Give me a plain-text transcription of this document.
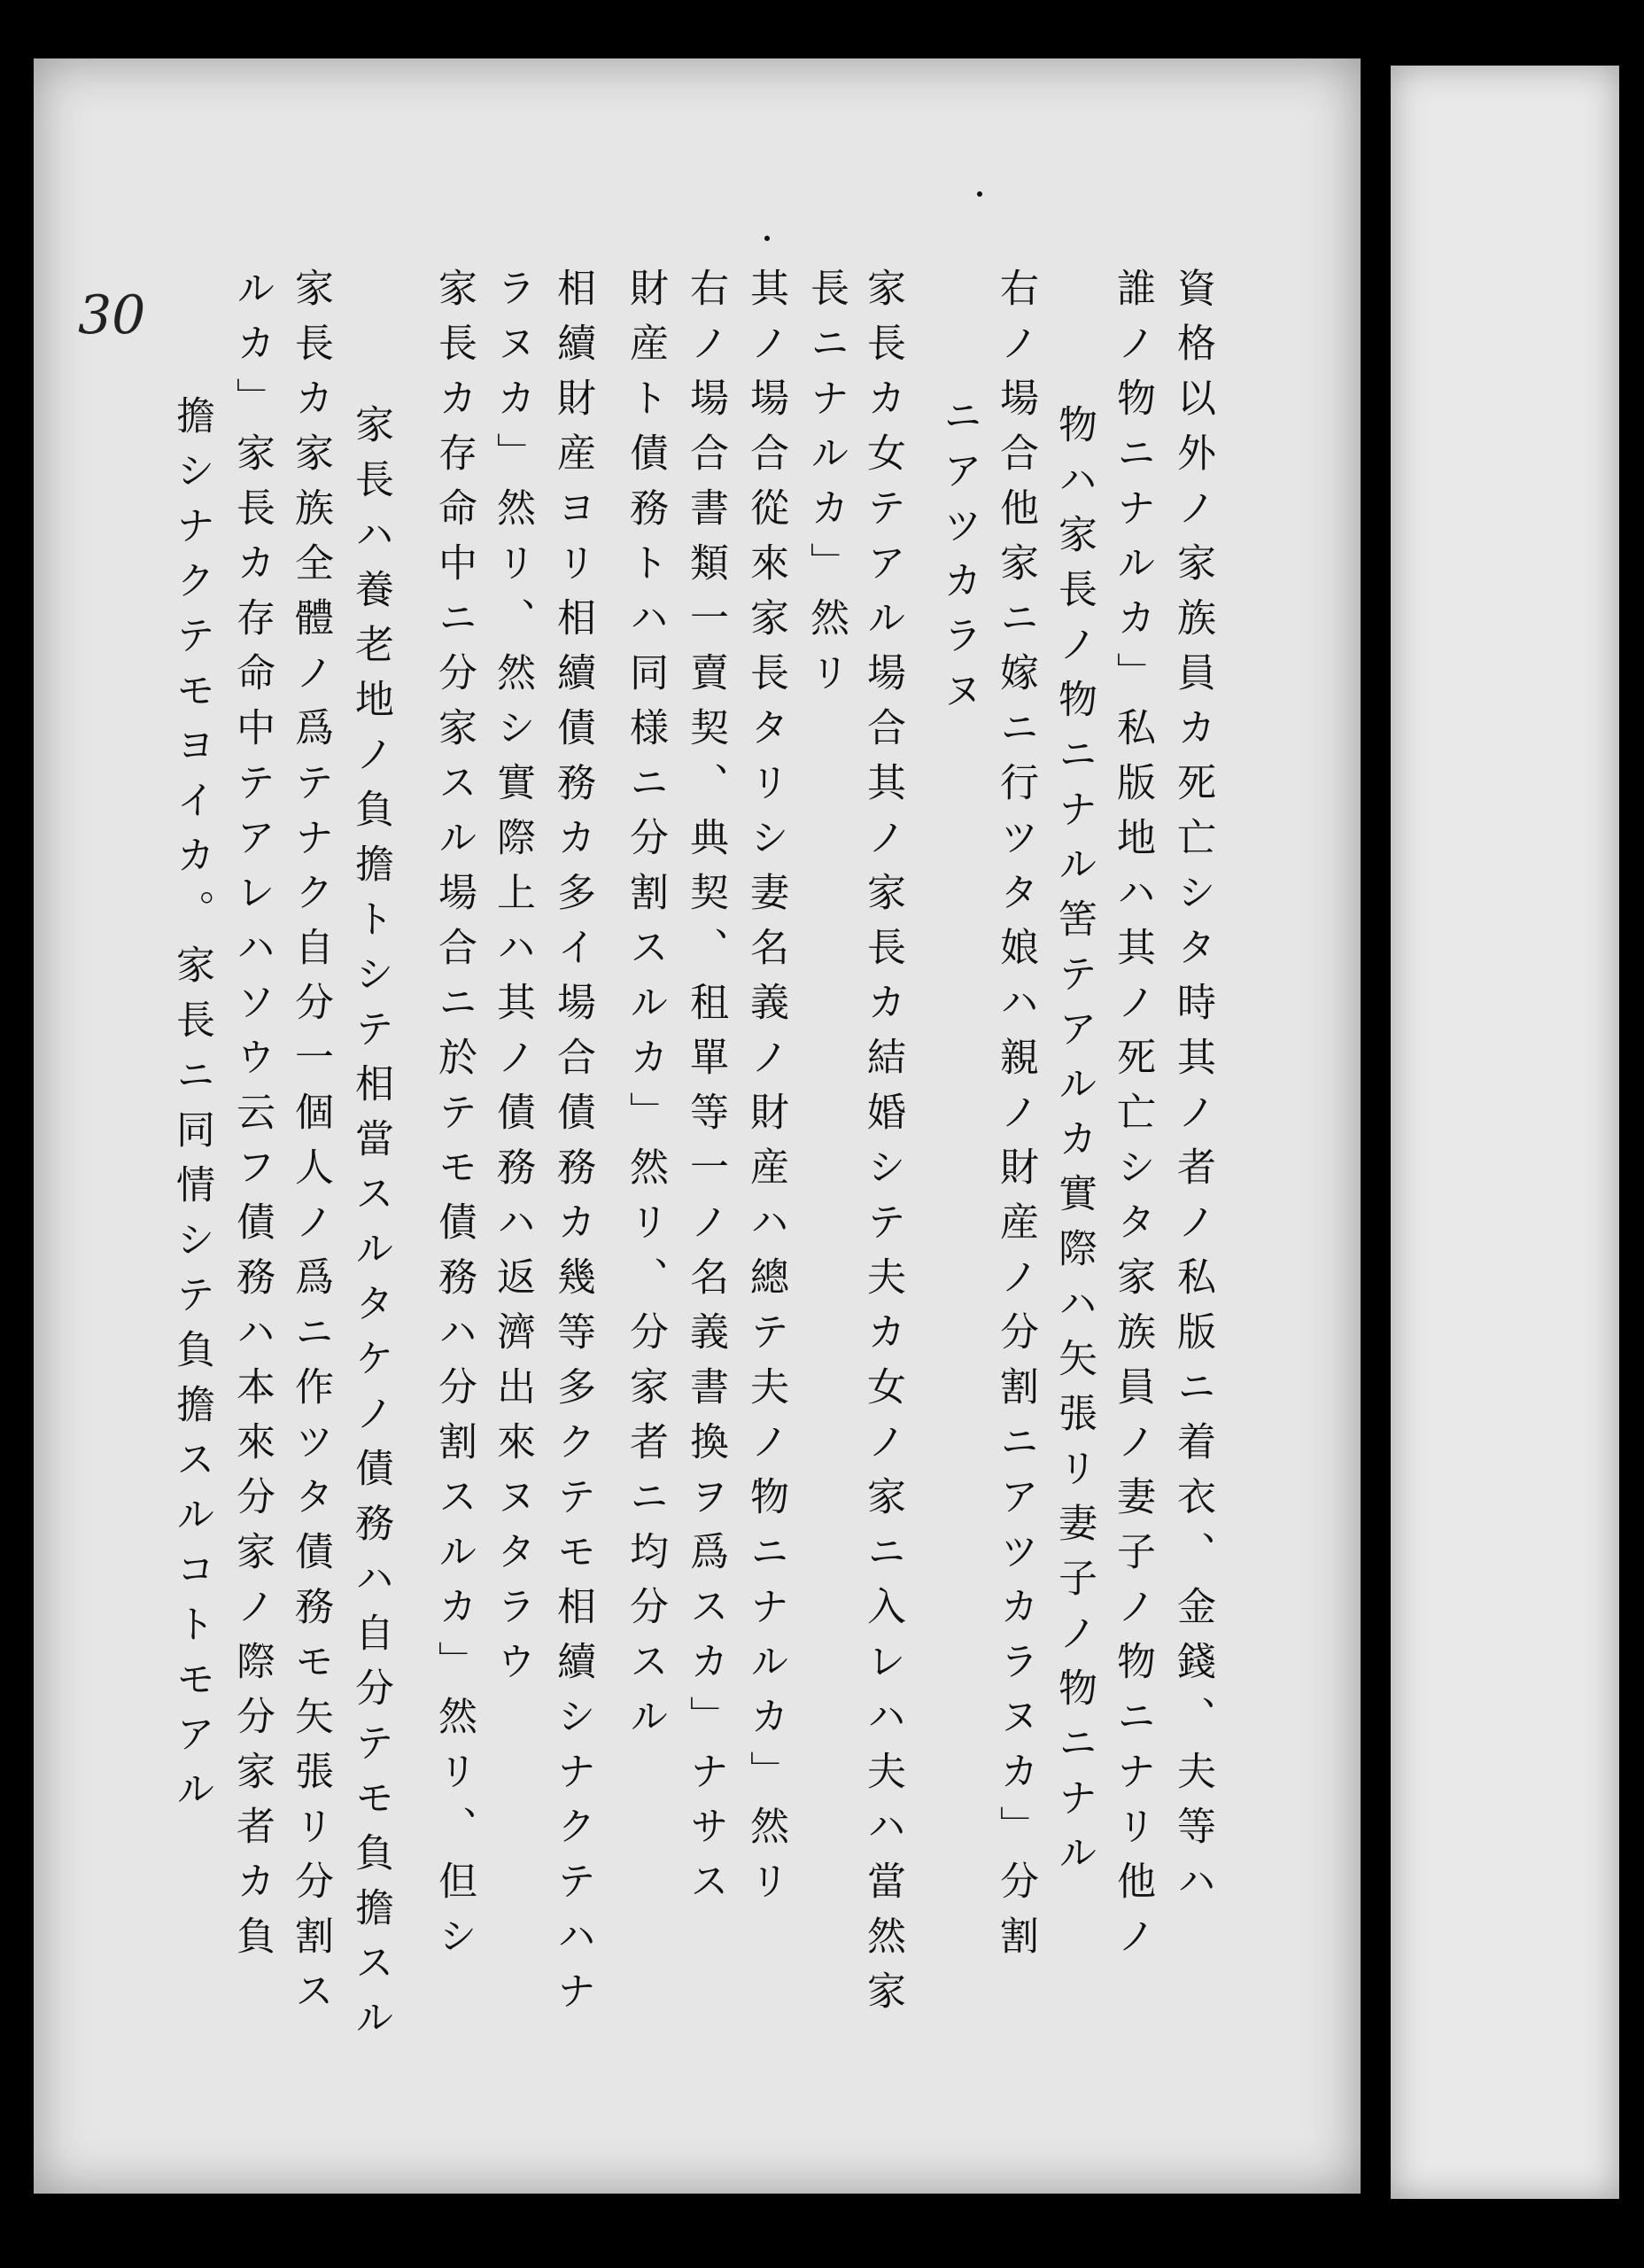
30	資格以外ノ家族員カ死亡シタ時其ノ者ノ私版ニ着衣、金錢、夫等ハ
誰ノ物ニナルカ」私版地ハ其ノ死亡シタ家族員ノ妻子ノ物ニナリ他ノ
物ハ家長ノ物ニナル筈テアルカ實際ハ矢張リ妻子ノ物ニナル
右ノ場合他家ニ嫁ニ行ツタ娘ハ親ノ財産ノ分割ニアツカラヌカ」分割
ニアツカラヌ
家長カ女テアル場合其ノ家長カ結婚シテ夫カ女ノ家ニ入レハ夫ハ當然家
長ニナルカ」然リ
其ノ場合從來家長タリシ妻名義ノ財産ハ總テ夫ノ物ニナルカ」然リ
右ノ場合書類一賣契、典契、租單等一ノ名義書換ヲ爲スカ」ナサス
財産ト債務トハ同様ニ分割スルカ」然リ、分家者ニ均分スル
相續財産ヨリ相續債務カ多イ場合債務カ幾等多クテモ相續シナクテハナ
ラヌカ」然リ、然シ實際上ハ其ノ債務ハ返濟出來ヌタラウ
家長カ存命中ニ分家スル場合ニ於テモ債務ハ分割スルカ」然リ、但シ
家長ハ養老地ノ負擔トシテ相當スルタケノ債務ハ自分テモ負擔スル
家長カ家族全體ノ爲テナク自分一個人ノ爲ニ作ツタ債務モ矢張リ分割ス
ルカ」家長カ存命中テアレハソウ云フ債務ハ本來分家ノ際分家者カ負
擔シナクテモヨイカ。家長ニ同情シテ負擔スルコトモアル
